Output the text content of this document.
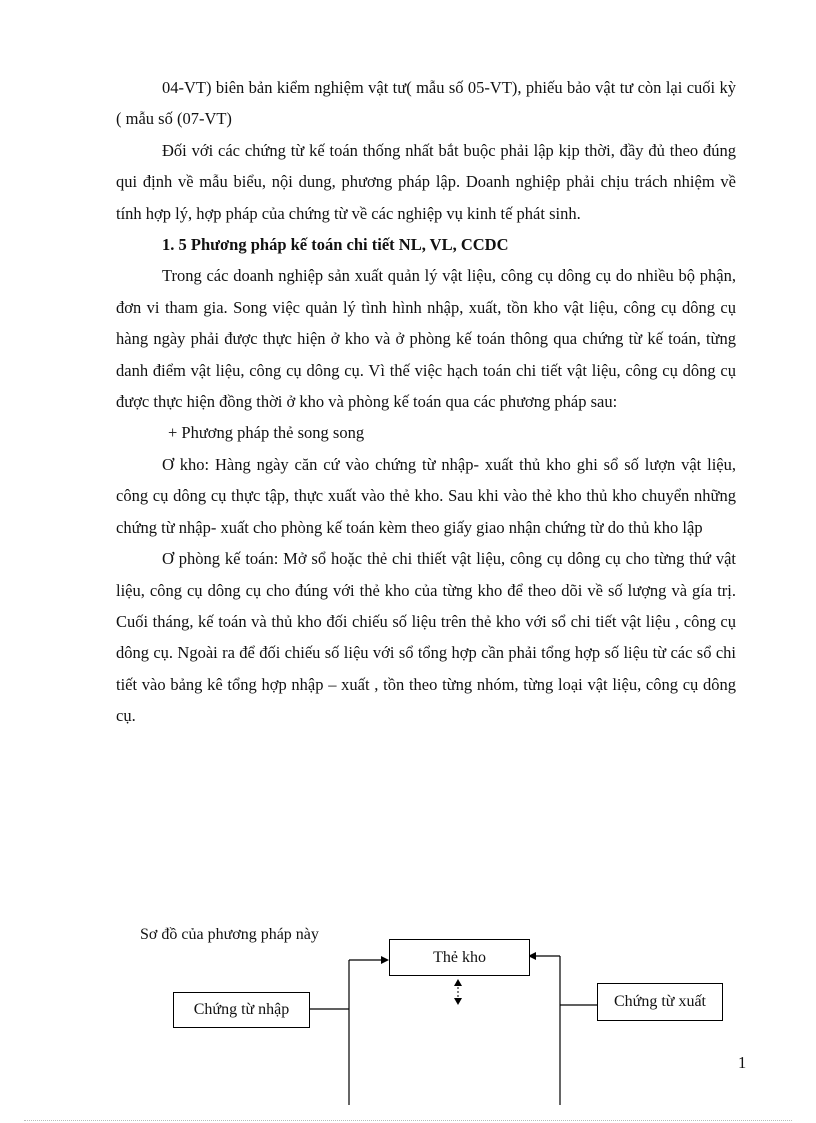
04-VT) biên bản kiểm nghiệm vật tư( mẫu số 05-VT), phiếu bảo vật tư còn lại cuối kỳ ( mẫu số (07-VT)

Đối với các chứng từ kế toán thống nhất bắt buộc phải lập kịp thời, đầy đủ theo đúng qui định về mẫu biểu, nội dung, phương pháp lập. Doanh nghiệp phải chịu trách nhiệm về tính hợp lý, hợp pháp của chứng từ về các nghiệp vụ kinh tế phát sinh.

1. 5 Phương pháp kế toán chi tiết NL, VL, CCDC

Trong các doanh nghiệp sản xuất quản lý vật liệu, công cụ dông cụ do nhiều bộ phận, đơn vi tham gia. Song việc quản lý tình hình nhập, xuất, tồn kho vật liệu, công cụ dông cụ hàng ngày phải được thực hiện ở kho và ở phòng kế toán thông qua chứng từ kế toán, từng danh điểm vật liệu, công cụ dông cụ. Vì thế việc hạch toán chi tiết vật liệu, công cụ dông cụ được thực hiện đồng thời ở kho và phòng kế toán qua các phương pháp sau:

+ Phương pháp thẻ song song

Ơ kho: Hàng ngày căn cứ vào chứng từ nhập- xuất thủ kho ghi sổ số lượn vật liệu, công cụ dông cụ thực tập, thực xuất vào thẻ kho. Sau khi vào thẻ kho thủ kho chuyển những chứng từ nhập- xuất cho phòng kế toán kèm theo giấy giao nhận chứng từ do thủ kho lập

Ơ phòng kế toán: Mở sổ hoặc thẻ chi thiết vật liệu, công cụ dông cụ cho từng thứ vật liệu, công cụ dông cụ cho đúng với thẻ kho của từng kho để theo dõi về số lượng và gía trị. Cuối tháng, kế toán và thủ kho đối chiếu số liệu trên thẻ kho với sổ chi tiết vật liệu , công cụ dông cụ. Ngoài ra để đối chiếu số liệu với sổ tổng hợp cần phải tổng hợp số liệu từ các sổ chi tiết vào bảng kê tổng hợp nhập – xuất , tồn theo từng nhóm, từng loại vật liệu, công cụ dông cụ.

Sơ đồ của phương pháp này
Thẻ kho
Chứng từ nhập	Chứng từ xuất
1
